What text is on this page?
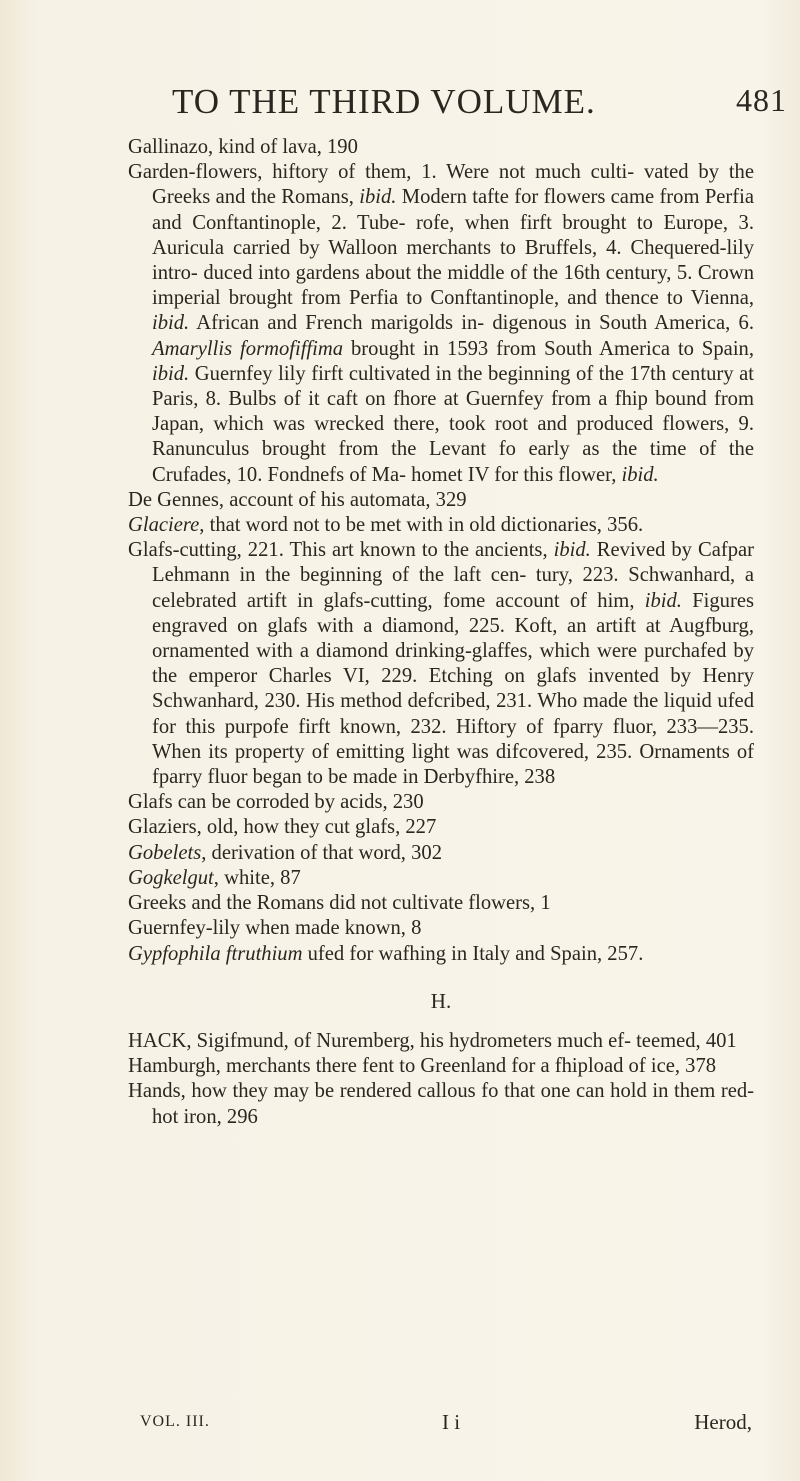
TO THE THIRD VOLUME.	481

Gallinazo, kind of lava, 190

Garden-flowers, hiftory of them, 1. Were not much culti- vated by the Greeks and the Romans, ibid. Modern tafte for flowers came from Perfia and Conftantinople, 2. Tube- rofe, when firft brought to Europe, 3. Auricula carried by Walloon merchants to Bruffels, 4. Chequered-lily intro- duced into gardens about the middle of the 16th century, 5. Crown imperial brought from Perfia to Conftantinople, and thence to Vienna, ibid. African and French marigolds in- digenous in South America, 6. Amaryllis formofiffima brought in 1593 from South America to Spain, ibid. Guernfey lily firft cultivated in the beginning of the 17th century at Paris, 8. Bulbs of it caft on fhore at Guernfey from a fhip bound from Japan, which was wrecked there, took root and produced flowers, 9. Ranunculus brought from the Levant fo early as the time of the Crufades, 10. Fondnefs of Ma- homet IV for this flower, ibid.

De Gennes, account of his automata, 329

Glaciere, that word not to be met with in old dictionaries, 356.

Glafs-cutting, 221. This art known to the ancients, ibid. Revived by Cafpar Lehmann in the beginning of the laft cen- tury, 223. Schwanhard, a celebrated artift in glafs-cutting, fome account of him, ibid. Figures engraved on glafs with a diamond, 225. Koft, an artift at Augfburg, ornamented with a diamond drinking-glaffes, which were purchafed by the emperor Charles VI, 229. Etching on glafs invented by Henry Schwanhard, 230. His method defcribed, 231. Who made the liquid ufed for this purpofe firft known, 232. Hiftory of fparry fluor, 233—235. When its property of emitting light was difcovered, 235. Ornaments of fparry fluor began to be made in Derbyfhire, 238

Glafs can be corroded by acids, 230

Glaziers, old, how they cut glafs, 227

Gobelets, derivation of that word, 302

Gogkelgut, white, 87

Greeks and the Romans did not cultivate flowers, 1

Guernfey-lily when made known, 8

Gypfophila ftruthium ufed for wafhing in Italy and Spain, 257.

H.

HACK, Sigifmund, of Nuremberg, his hydrometers much ef- teemed, 401

Hamburgh, merchants there fent to Greenland for a fhipload of ice, 378

Hands, how they may be rendered callous fo that one can hold in them red-hot iron, 296

VOL. III.	I i	Herod,
